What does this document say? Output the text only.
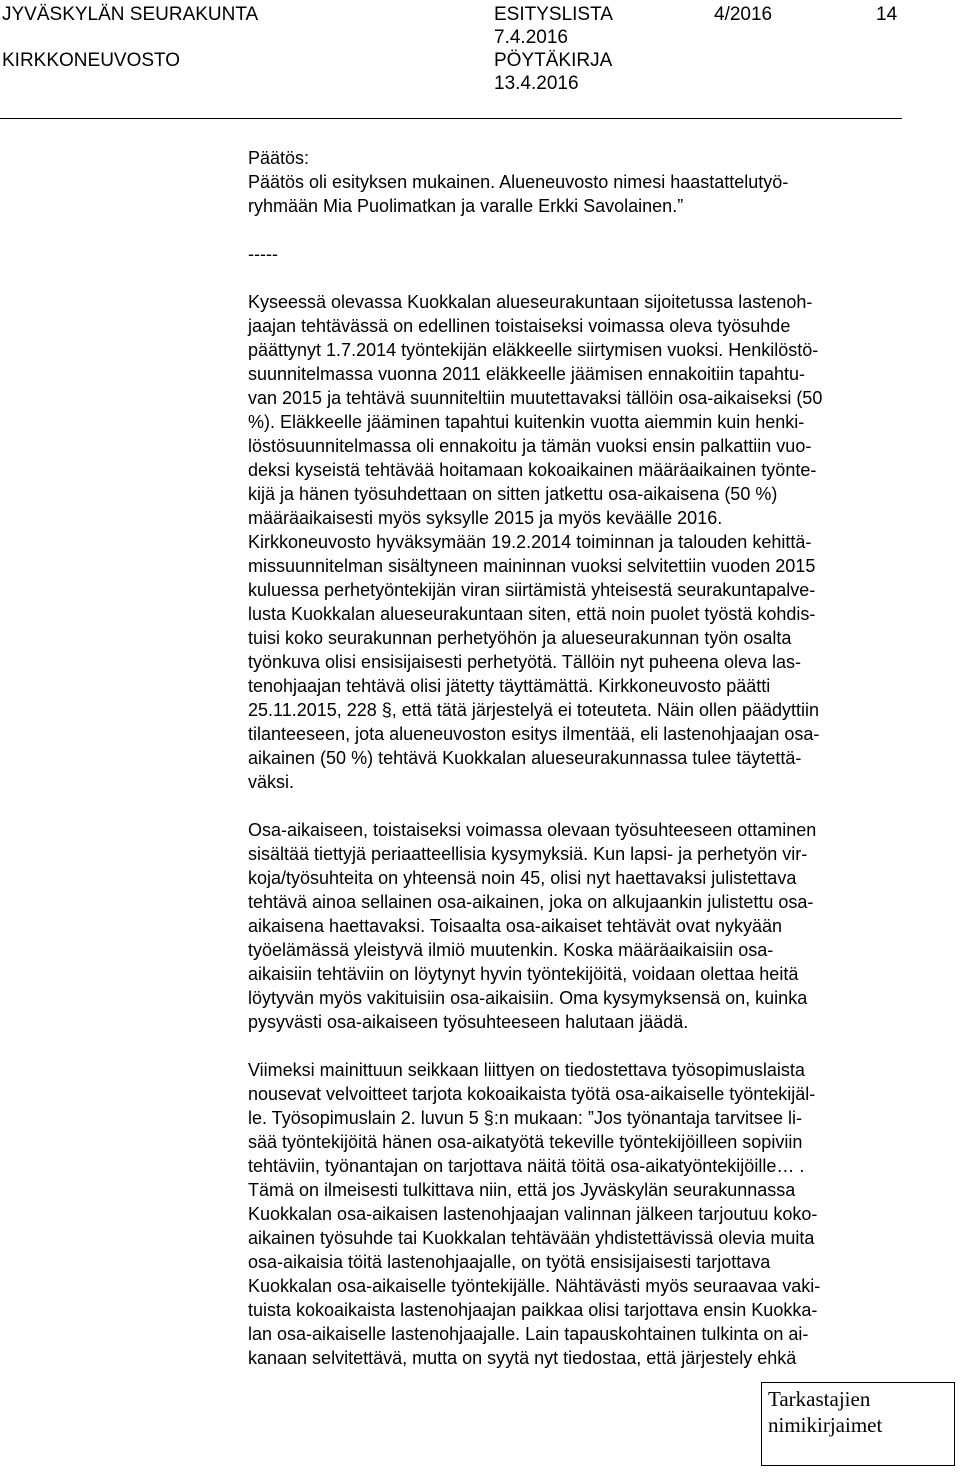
JYVÄSKYLÄN SEURAKUNTA	ESITYSLISTA	4/2016	14
KIRKKONEUVOSTO
7.4.2016
PÖYTÄKIRJA
13.4.2016
Päätös:
Päätös oli esityksen mukainen. Alueneuvosto nimesi haastattelutyö-
ryhmään Mia Puolimatkan ja varalle Erkki Savolainen.”
-----
Kyseessä olevassa Kuokkalan alueseurakuntaan sijoitetussa lastenoh-
jaajan tehtävässä on edellinen toistaiseksi voimassa oleva työsuhde
päättynyt 1.7.2014 työntekijän eläkkeelle siirtymisen vuoksi. Henkilöstö-
suunnitelmassa vuonna 2011 eläkkeelle jäämisen ennakoitiin tapahtu-
van 2015 ja tehtävä suunniteltiin muutettavaksi tällöin osa-aikaiseksi (50
%). Eläkkeelle jääminen tapahtui kuitenkin vuotta aiemmin kuin henki-
löstösuunnitelmassa oli ennakoitu ja tämän vuoksi ensin palkattiin vuo-
deksi kyseistä tehtävää hoitamaan kokoaikainen määräaikainen työnte-
kijä ja hänen työsuhdettaan on sitten jatkettu osa-aikaisena (50 %)
määräaikaisesti myös syksylle 2015 ja myös keväälle 2016.
Kirkkoneuvosto hyväksymään 19.2.2014 toiminnan ja talouden kehittä-
missuunnitelman sisältyneen maininnan vuoksi selvitettiin vuoden 2015
kuluessa perhetyöntekijän viran siirtämistä yhteisestä seurakuntapalve-
lusta Kuokkalan alueseurakuntaan siten, että noin puolet työstä kohdis-
tuisi koko seurakunnan perhetyöhön ja alueseurakunnan työn osalta
työnkuva olisi ensisijaisesti perhetyötä. Tällöin nyt puheena oleva las-
tenohjaajan tehtävä olisi jätetty täyttämättä. Kirkkoneuvosto päätti
25.11.2015, 228 §, että tätä järjestelyä ei toteuteta. Näin ollen päädyttiin
tilanteeseen, jota alueneuvoston esitys ilmentää, eli lastenohjaajan osa-
aikainen (50 %) tehtävä Kuokkalan alueseurakunnassa tulee täytettä-
väksi.
Osa-aikaiseen, toistaiseksi voimassa olevaan työsuhteeseen ottaminen
sisältää tiettyjä periaatteellisia kysymyksiä. Kun lapsi- ja perhetyön vir-
koja/työsuhteita on yhteensä noin 45, olisi nyt haettavaksi julistettava
tehtävä ainoa sellainen osa-aikainen, joka on alkujaankin julistettu osa-
aikaisena haettavaksi. Toisaalta osa-aikaiset tehtävät ovat nykyään
työelämässä yleistyvä ilmiö muutenkin. Koska määräaikaisiin osa-
aikaisiin tehtäviin on löytynyt hyvin työntekijöitä, voidaan olettaa heitä
löytyvän myös vakituisiin osa-aikaisiin. Oma kysymyksensä on, kuinka
pysyvästi osa-aikaiseen työsuhteeseen halutaan jäädä.
Viimeksi mainittuun seikkaan liittyen on tiedostettava työsopimuslaista
nousevat velvoitteet tarjota kokoaikaista työtä osa-aikaiselle työntekijäl-
le. Työsopimuslain 2. luvun 5 §:n mukaan: ”Jos työnantaja tarvitsee li-
sää työntekijöitä hänen osa-aikatyötä tekeville työntekijöilleen sopiviin
tehtäviin, työnantajan on tarjottava näitä töitä osa-aikatyöntekijöille… .
Tämä on ilmeisesti tulkittava niin, että jos Jyväskylän seurakunnassa
Kuokkalan osa-aikaisen lastenohjaajan valinnan jälkeen tarjoutuu koko-
aikainen työsuhde tai Kuokkalan tehtävään yhdistettävissä olevia muita
osa-aikaisia töitä lastenohjaajalle, on työtä ensisijaisesti tarjottava
Kuokkalan osa-aikaiselle työntekijälle. Nähtävästi myös seuraavaa vaki-
tuista kokoaikaista lastenohjaajan paikkaa olisi tarjottava ensin Kuokka-
lan osa-aikaiselle lastenohjaajalle. Lain tapauskohtainen tulkinta on ai-
kanaan selvitettävä, mutta on syytä nyt tiedostaa, että järjestely ehkä
Tarkastajien
nimikirjaimet
